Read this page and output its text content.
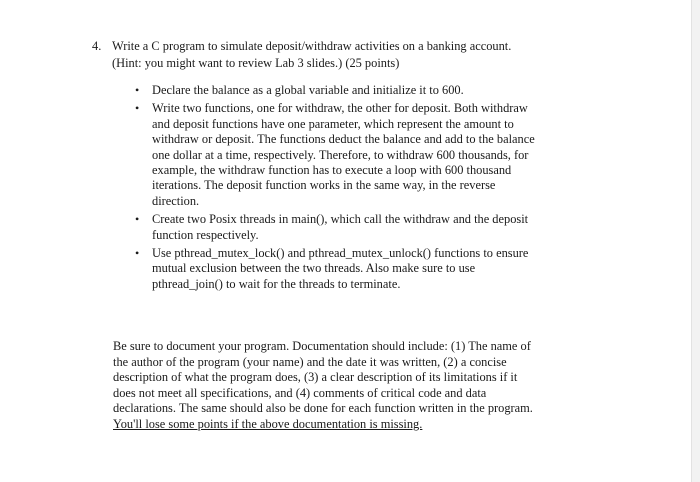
4. Write a C program to simulate deposit/withdraw activities on a banking account.
(Hint: you might want to review Lab 3 slides.) (25 points)
• Declare the balance as a global variable and initialize it to 600.
• Write two functions, one for withdraw, the other for deposit. Both withdraw
and deposit functions have one parameter, which represent the amount to
withdraw or deposit. The functions deduct the balance and add to the balance
one dollar at a time, respectively. Therefore, to withdraw 600 thousands, for
example, the withdraw function has to execute a loop with 600 thousand
iterations. The deposit function works in the same way, in the reverse
direction.
• Create two Posix threads in main(), which call the withdraw and the deposit
function respectively.
• Use pthread_mutex_lock() and pthread_mutex_unlock() functions to ensure
mutual exclusion between the two threads. Also make sure to use
pthread_join() to wait for the threads to terminate.
Be sure to document your program. Documentation should include: (1) The name of
the author of the program (your name) and the date it was written, (2) a concise
description of what the program does, (3) a clear description of its limitations if it
does not meet all specifications, and (4) comments of critical code and data
declarations. The same should also be done for each function written in the program.
You'll lose some points if the above documentation is missing.
